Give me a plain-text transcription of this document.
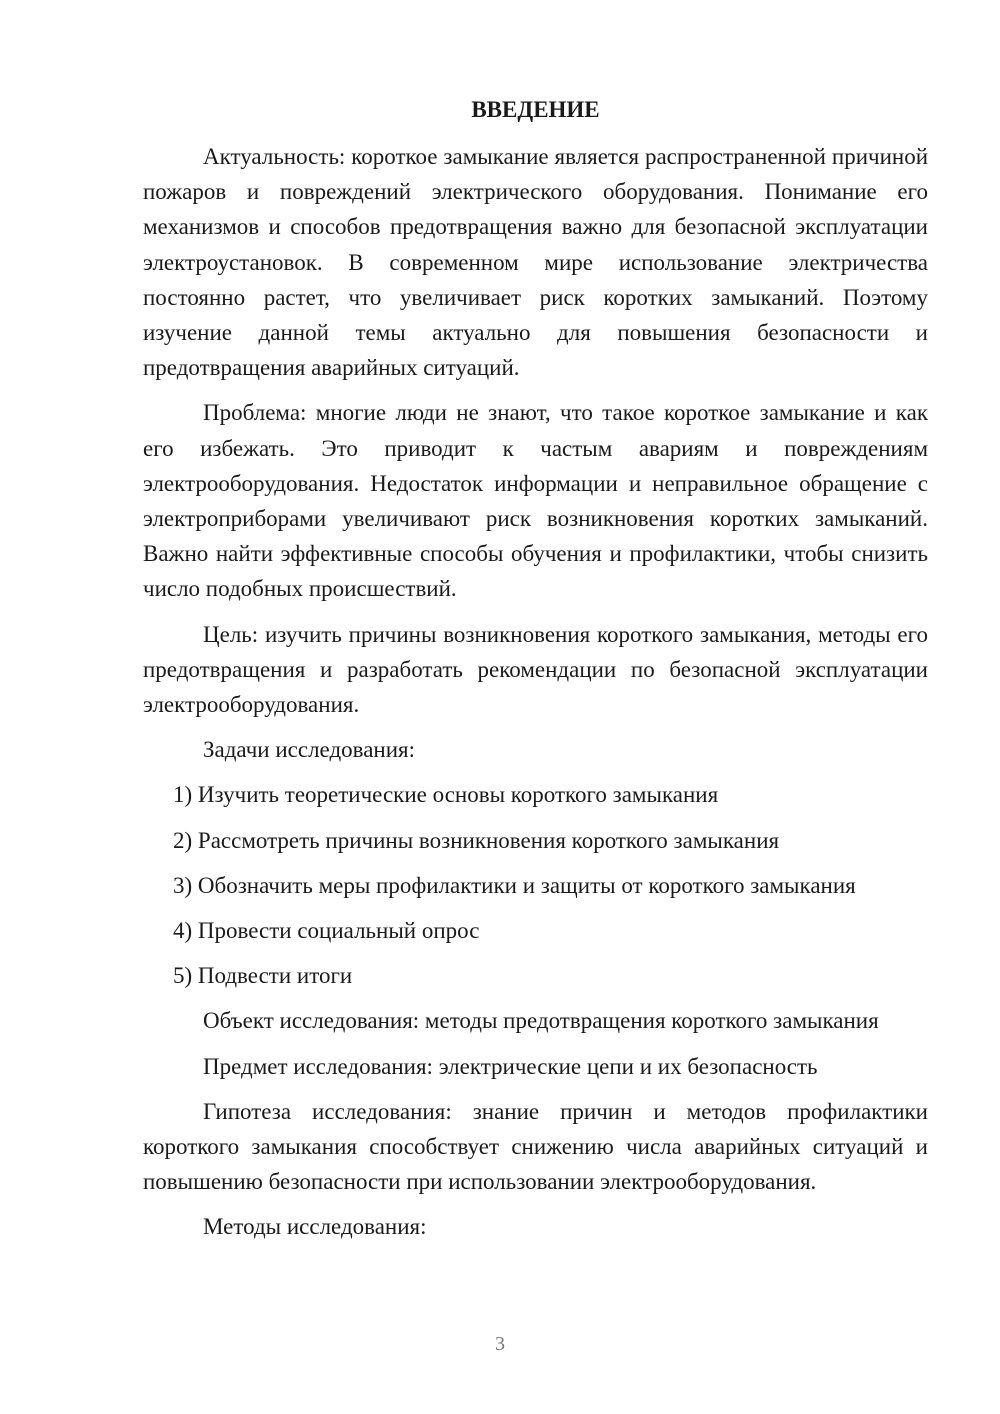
ВВЕДЕНИЕ

Актуальность: короткое замыкание является распространенной причиной пожаров и повреждений электрического оборудования. Понимание его механизмов и способов предотвращения важно для безопасной эксплуатации электроустановок. В современном мире использование электричества постоянно растет, что увеличивает риск коротких замыканий. Поэтому изучение данной темы актуально для повышения безопасности и предотвращения аварийных ситуаций.

Проблема: многие люди не знают, что такое короткое замыкание и как его избежать. Это приводит к частым авариям и повреждениям электрооборудования. Недостаток информации и неправильное обращение с электроприборами увеличивают риск возникновения коротких замыканий. Важно найти эффективные способы обучения и профилактики, чтобы снизить число подобных происшествий.

Цель: изучить причины возникновения короткого замыкания, методы его предотвращения и разработать рекомендации по безопасной эксплуатации электрооборудования.

Задачи исследования:

1) Изучить теоретические основы короткого замыкания
2) Рассмотреть причины возникновения короткого замыкания
3) Обозначить меры профилактики и защиты от короткого замыкания
4) Провести социальный опрос
5) Подвести итоги

Объект исследования: методы предотвращения короткого замыкания

Предмет исследования: электрические цепи и их безопасность

Гипотеза исследования: знание причин и методов профилактики короткого замыкания способствует снижению числа аварийных ситуаций и повышению безопасности при использовании электрооборудования.

Методы исследования:

3
